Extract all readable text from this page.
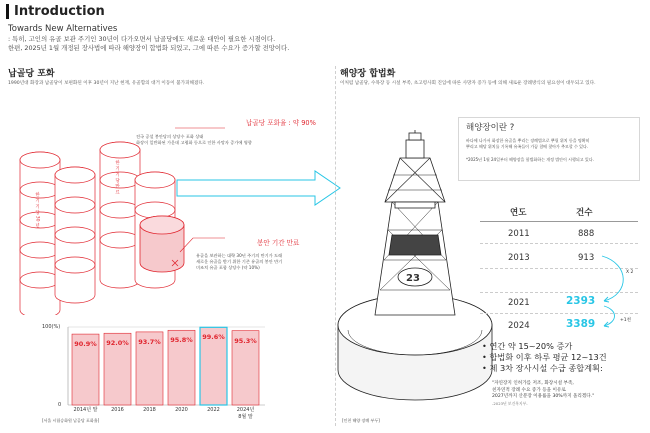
Introduction
Towards New Alternatives
: 특히, 고인의 유골 보관 주기인 30년이 다가오면서 납골당에도 새로운 대안이 필요한 시점이다.
한편, 2025년 1월 개정된 장사법에 따라 해양장이 합법화 되었고, 그에 따른 수요가 증가할 전망이다.
납골당 포화
1990년대 화장과 납골당이 보편화된 이후 30년이 지난 현재, 유골함의 대거 이동이 불가피해졌다.
한 기 기 당 30 년
한 기 기 당 만 료
납골당 포화율 : 약 90%
전국 공설 봉안당의 상당수 포화 상태
화장이 일반화된 가운데 고령화 등으로 인한 사망자 증가에 영향
봉안 기간 만료
유골을 보관하는 대략 30년 주기의 만기가 도래
새로운 유골을 받기 위한 기존 유골의 봉안 만기
미조치 유골 포함 상당수 (약 10%)
100(%)
0
90.9%
2014년 말
92.0%
2016
93.7%
2018
95.8%
2020
99.6%
2022
95.3%
2024년
8월 말
[서울 시립승화원 납골당 포화율]
해양장 합법화
이처럼 납골당, 수목장 등 시설 부족, 초고령사회 진입에 따른 사망자 증가 등에 의해 새로운 장례방식의 필요성이 대두되고 있다.
23
해양장이란 ?
바다에 나가서 화장한 유골을 뿌리는 장례법으로 뿌릴 위치 등을 명확히
뿌리고 해당 위치를 기록해 유족들이 가끔 참배 찾아가 추모할 수 있다.
*2025년 1월 24일부터 해양장을 합법화하는 개정 법안이 시행되고 있다.
연도	건수
2011	888
2013	913
2021	2393
2024	3389
X 2
+1천
• 연간 약 15~20% 증가
• 합법화 이후 하루 평균 12~13건
• 제 3차 장사시설 수급 종합계획:
"자연장지 인허가를 저조, 화장시설 부족,
친자연적 장례 수요 증가 등을 이유로
2027년까지 산분장 이용률을 30%까지 올리겠다."
-2023년 보건복지부-
[인천 해양 장례 부두]
